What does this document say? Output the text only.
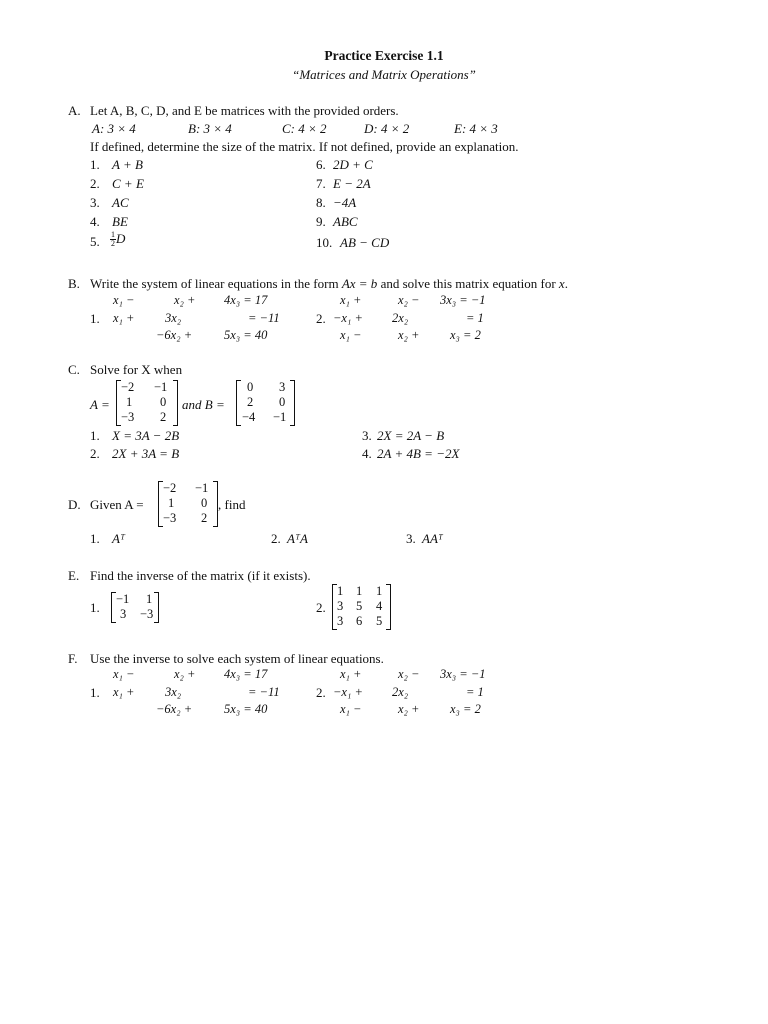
Practice Exercise 1.1
“Matrices and Matrix Operations”
A. Let A, B, C, D, and E be matrices with the provided orders.
A: 3 × 4	B: 3 × 4	C: 4 × 2	D: 4 × 2	E: 4 × 3
If defined, determine the size of the matrix. If not defined, provide an explanation.
1. A + B
2. C + E
3. AC
4. BE
5. $\frac{1}{2}$ D
6. 2D + C
7. E − 2A
8. −4A
9. ABC
10. AB − CD
B. Write the system of linear equations in the form Ax = b and solve this matrix equation for x.
1.
x₁ −	x₂ + 4x₃ = 17
x₁ + 3x₂	= −11
−6x₂ +	5x₃ = 40
2.
x₁ +	x₂ − 3x₃ = −1
−x₁ + 2x₂	= 1
x₁ −	x₂ + x₃ = 2
C. Solve for X when
A =
−2 −1
1 0
−3 2
and B =
0 3
2 0
−4 −1
1. X = 3A − 2B
2. 2X + 3A = B
3. 2X = 2A − B
4. 2A + 4B = −2X
D. Given A =
−2 −1
1 0
−3 2
, find
1. Aᵀ	2. AᵀA	3. AAᵀ
E. Find the inverse of the matrix (if it exists).
1.
−1 1
3 −3	2.
1 1 1
3 5 4
3 6 5
F. Use the inverse to solve each system of linear equations.
1.
x₁ −	x₂ + 4x₃ = 17
x₁ + 3x₂	= −11
−6x₂ +	5x₃ = 40
2.
x₁ +	x₂ − 3x₃ = −1
−x₁ + 2x₂	= 1
x₁ −	x₂ + x₃ = 2
